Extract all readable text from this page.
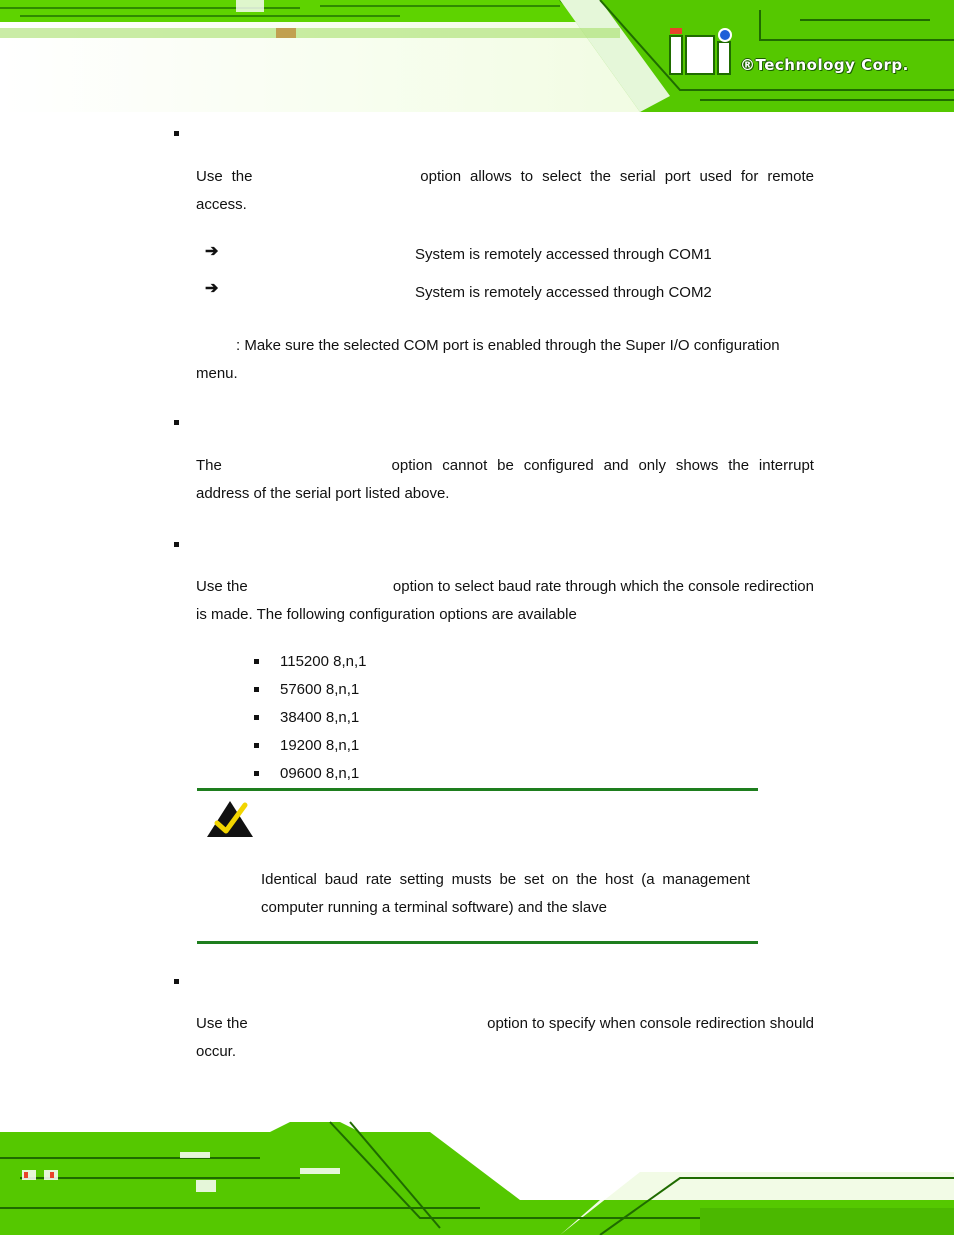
®Technology Corp.
Use the	option allows to select the serial port used for remote
access.
➔	System is remotely accessed through COM1
➔	System is remotely accessed through COM2
: Make sure the selected COM port is enabled through the Super I/O configuration
menu.
The	option cannot be configured and only shows the interrupt
address of the serial port listed above.
Use the	option to select baud rate through which the console redirection
is made. The following configuration options are available
115200 8,n,1
57600 8,n,1
38400 8,n,1
19200 8,n,1
09600 8,n,1
Identical baud rate setting musts be set on the host (a management
computer running a terminal software) and the slave
Use the	option to specify when console redirection should
occur.
